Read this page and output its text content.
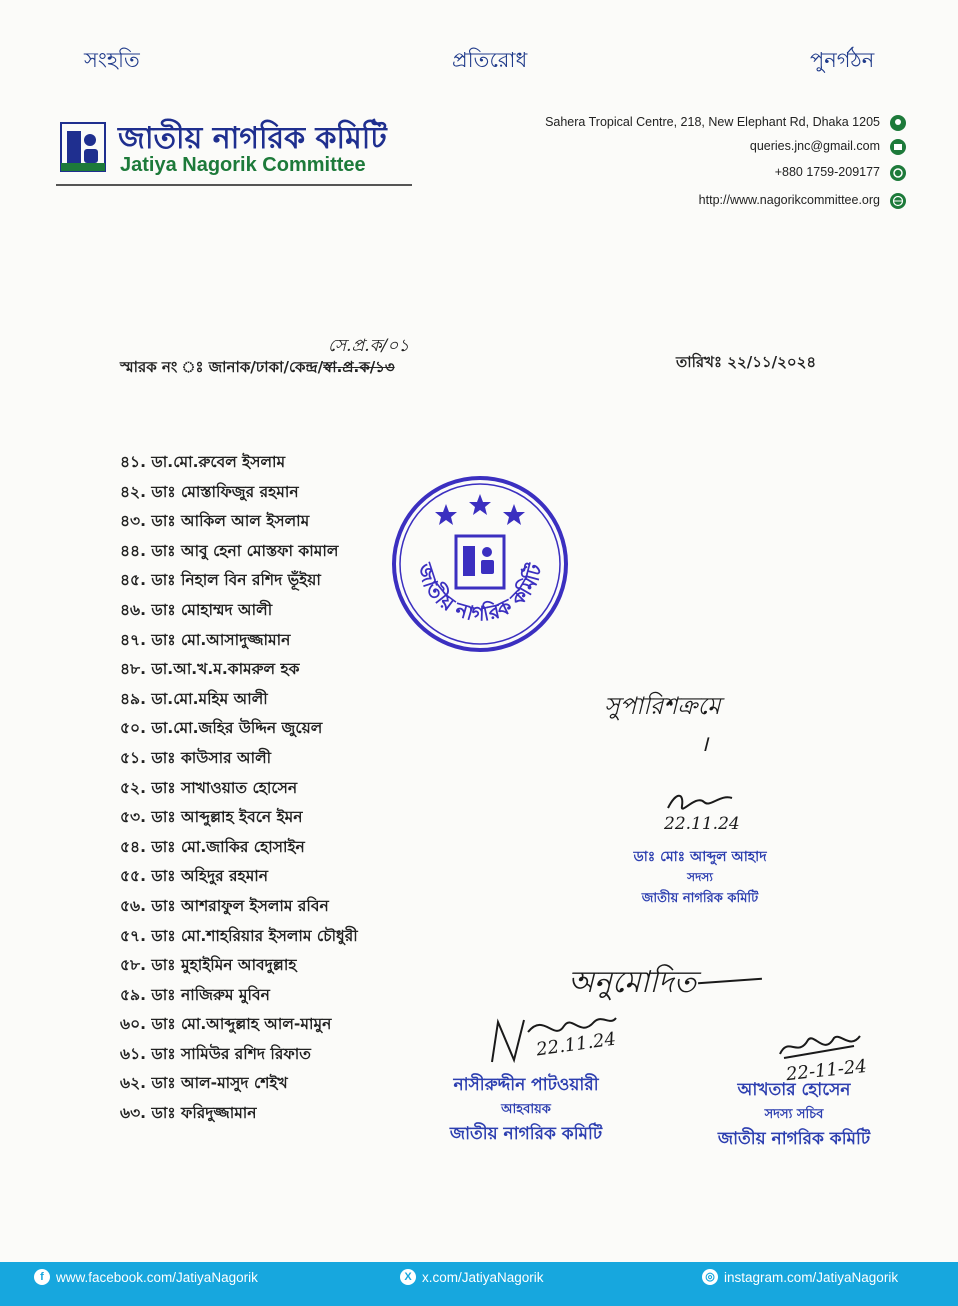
সংহতি	প্রতিরোধ	পুনর্গঠন
জাতীয় নাগরিক কমিটি
Jatiya Nagorik Committee
Sahera Tropical Centre, 218, New Elephant Rd, Dhaka 1205
queries.jnc@gmail.com
+880 1759-209177
http://www.nagorikcommittee.org
সে.প্র.ক/০১
স্মারক নং ঃ জানাক/ঢাকা/কেন্দ্র/স্বা.প্র.ক/১৩	তারিখঃ ২২/১১/২০২৪
৪১. ডা.মো.রুবেল ইসলাম
৪২. ডাঃ মোস্তাফিজুর রহমান
৪৩. ডাঃ আকিল আল ইসলাম
৪৪. ডাঃ আবু হেনা মোস্তফা কামাল
৪৫. ডাঃ নিহাল বিন রশিদ ভূঁইয়া
৪৬. ডাঃ মোহাম্মদ আলী
৪৭. ডাঃ মো.আসাদুজ্জামান
৪৮. ডা.আ.খ.ম.কামরুল হক
৪৯. ডা.মো.মহিম আলী
৫০. ডা.মো.জহির উদ্দিন জুয়েল
৫১. ডাঃ কাউসার আলী
৫২. ডাঃ সাখাওয়াত হোসেন
৫৩. ডাঃ আব্দুল্লাহ ইবনে ইমন
৫৪. ডাঃ মো.জাকির হোসাইন
৫৫. ডাঃ অহিদুর রহমান
৫৬. ডাঃ আশরাফুল ইসলাম রবিন
৫৭. ডাঃ মো.শাহরিয়ার ইসলাম চৌধুরী
৫৮. ডাঃ মুহাইমিন আবদুল্লাহ
৫৯. ডাঃ নাজিরুম মুবিন
৬০. ডাঃ মো.আব্দুল্লাহ আল-মামুন
৬১. ডাঃ সামিউর রশিদ রিফাত
৬২. ডাঃ আল-মাসুদ শেইখ
৬৩. ডাঃ ফরিদুজ্জামান
জাতীয় নাগরিক কমিটি
সুপারিশক্রমে
।
22.11.24
ডাঃ মোঃ আব্দুল আহাদ
সদস্য
জাতীয় নাগরিক কমিটি
অনুমোদিত
22.11.24
নাসীরুদ্দীন পাটওয়ারী
আহবায়ক
জাতীয় নাগরিক কমিটি
22-11-24
আখতার হোসেন
সদস্য সচিব
জাতীয় নাগরিক কমিটি
f www.facebook.com/JatiyaNagorik	X x.com/JatiyaNagorik	◎ instagram.com/JatiyaNagorik
